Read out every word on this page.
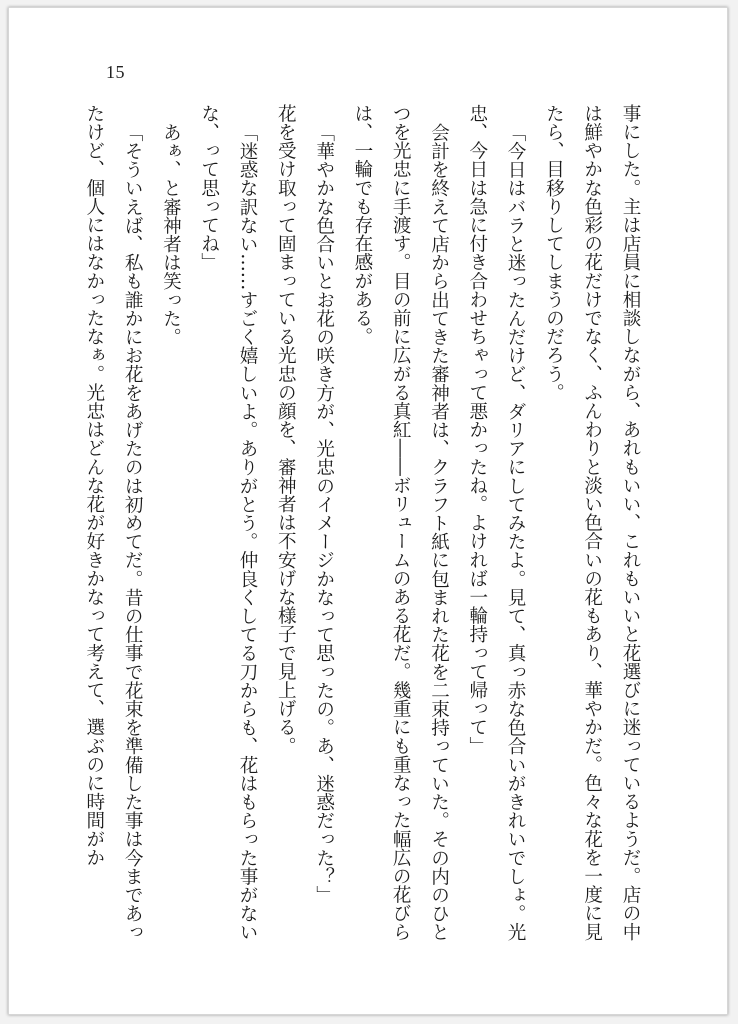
15

事にした。主は店員に相談しながら、あれもいい、これもいいと花選びに迷っているようだ。店の中は鮮やかな色彩の花だけでなく、ふんわりと淡い色合いの花もあり、華やかだ。色々な花を一度に見たら、目移りしてしまうのだろう。

「今日はバラと迷ったんだけど、ダリアにしてみたよ。見て、真っ赤な色合いがきれいでしょ。光忠、今日は急に付き合わせちゃって悪かったね。よければ一輪持って帰って」

会計を終えて店から出てきた審神者は、クラフト紙に包まれた花を二束持っていた。その内のひとつを光忠に手渡す。目の前に広がる真紅――ボリュームのある花だ。幾重にも重なった幅広の花びらは、一輪でも存在感がある。

「華やかな色合いとお花の咲き方が、光忠のイメージかなって思ったの。あ、迷惑だった？」

花を受け取って固まっている光忠の顔を、審神者は不安げな様子で見上げる。

「迷惑な訳ない……すごく嬉しいよ。ありがとう。仲良くしてる刀からも、花はもらった事がないな、って思ってね」

あぁ、と審神者は笑った。

「そういえば、私も誰かにお花をあげたのは初めてだ。昔の仕事で花束を準備した事は今まであったけど、個人にはなかったなぁ。光忠はどんな花が好きかなって考えて、選ぶのに時間がか
